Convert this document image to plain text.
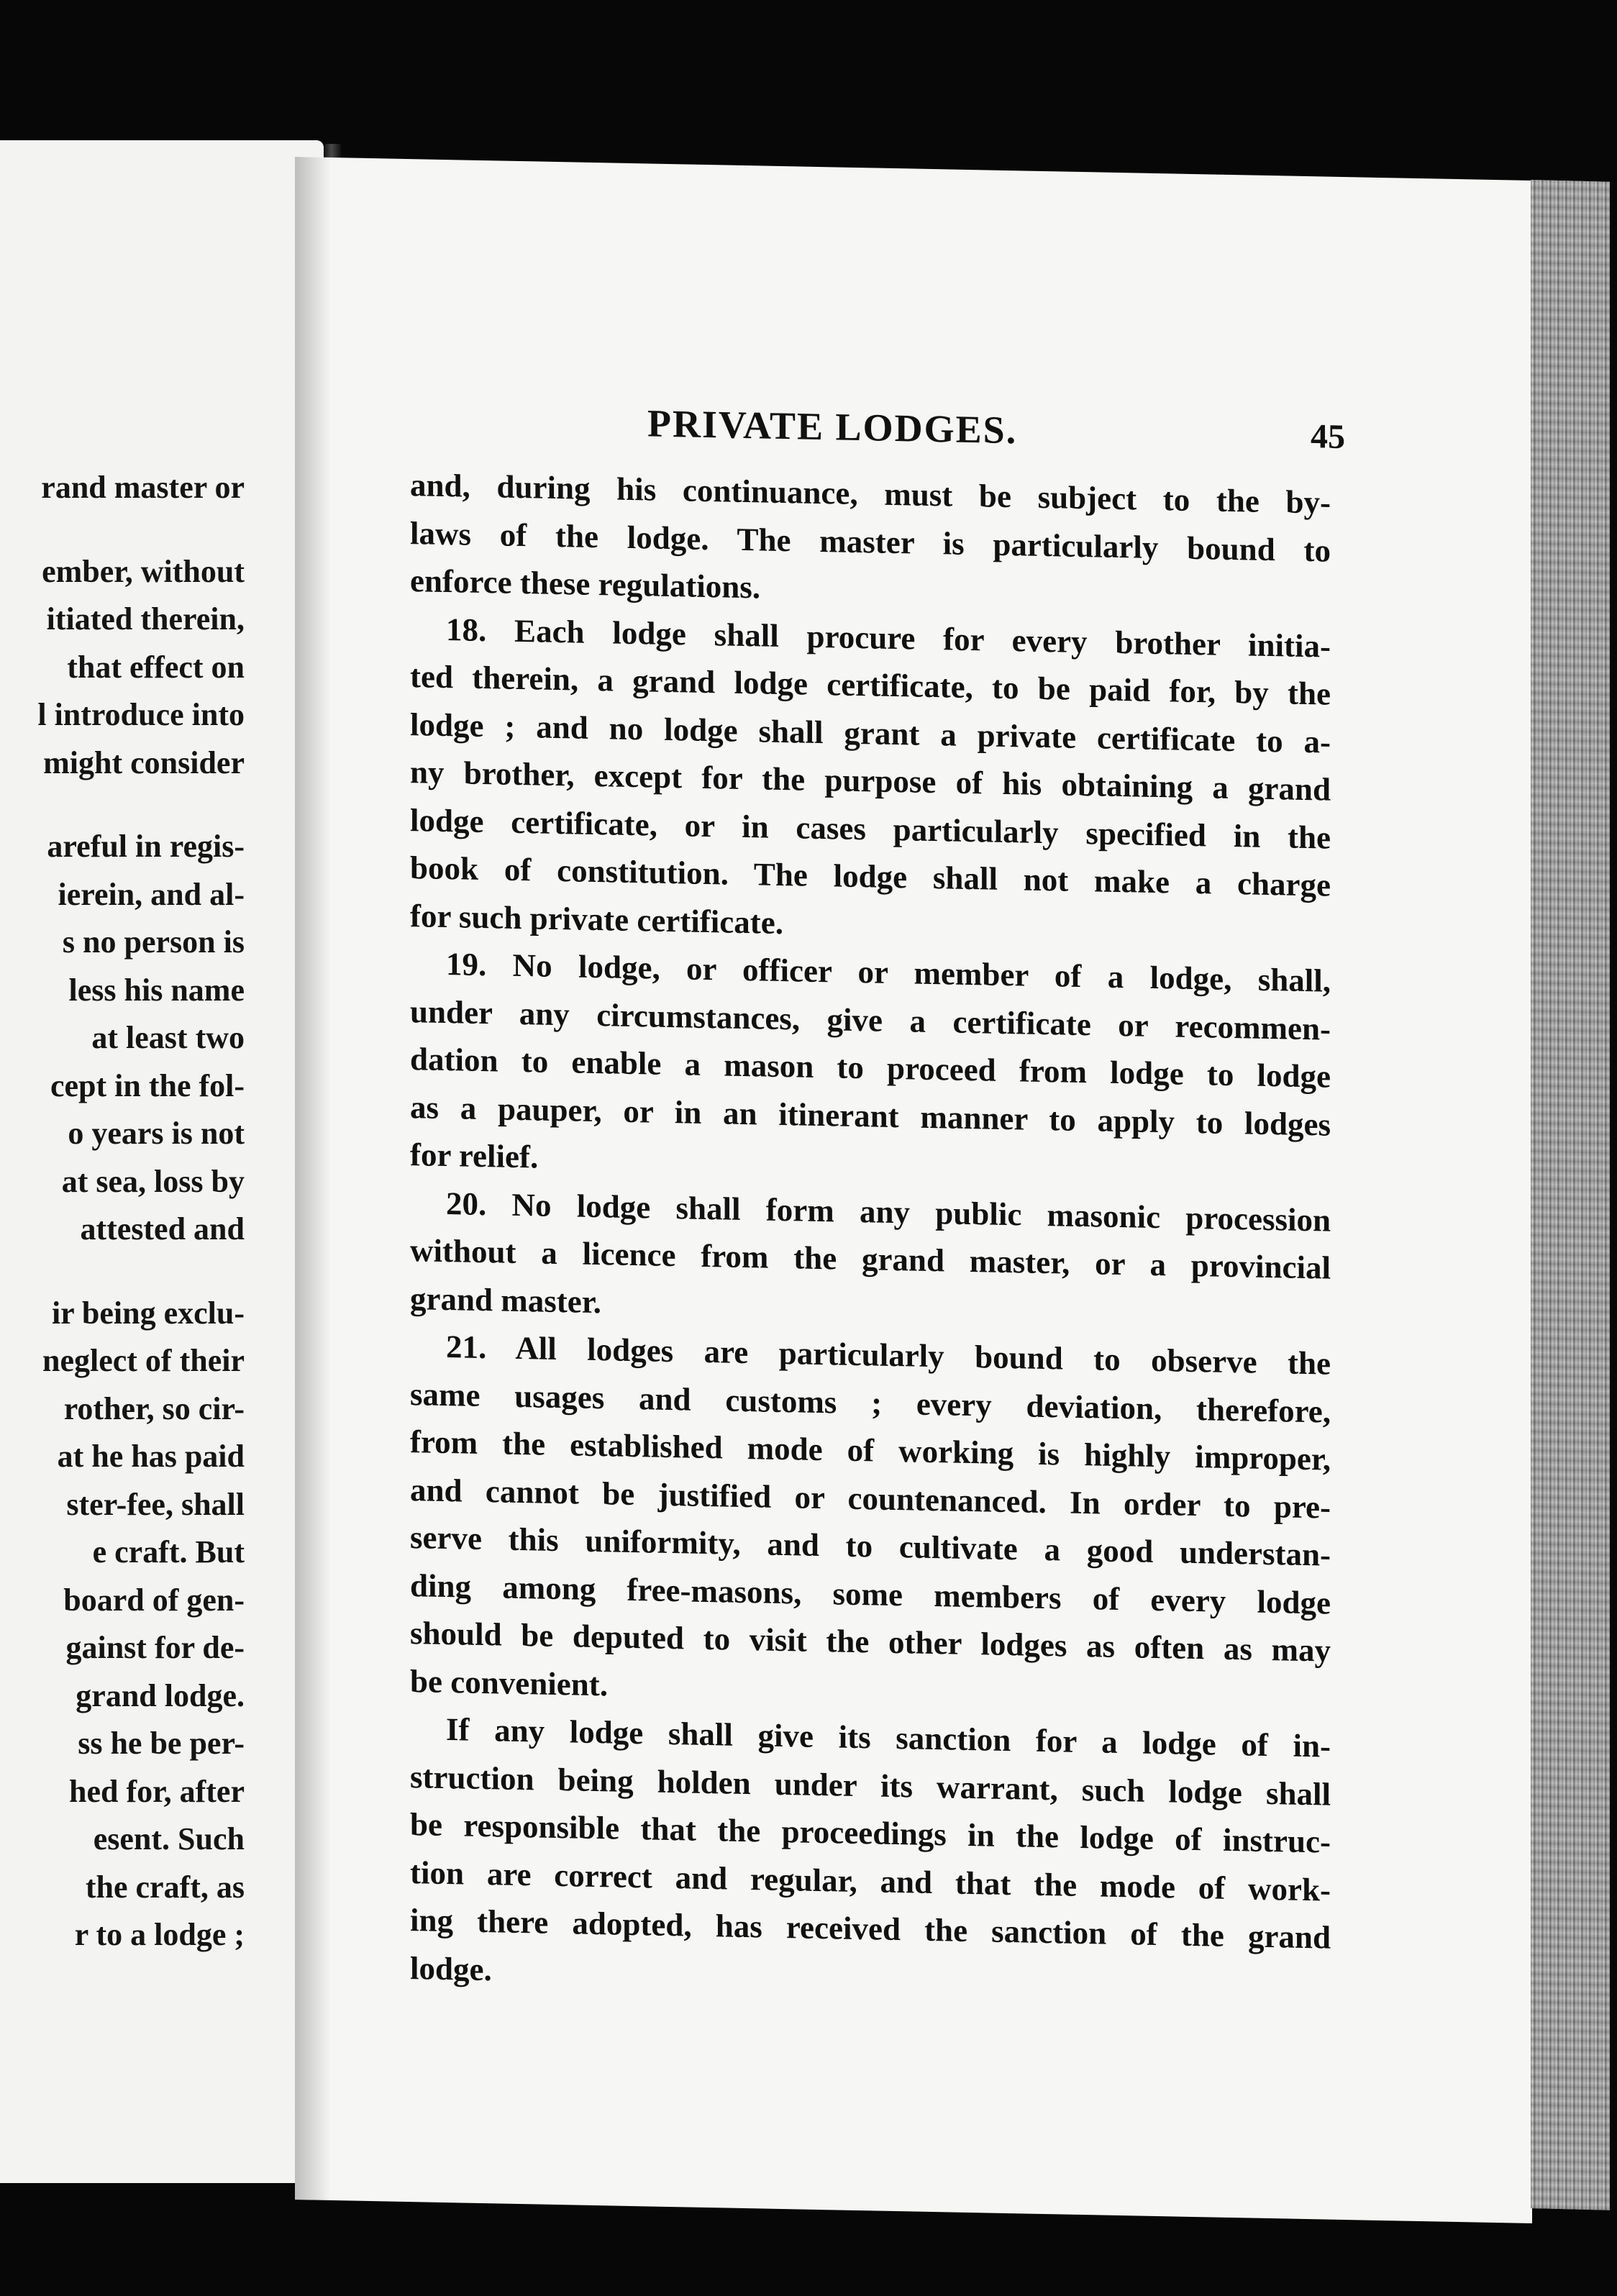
rand master or
ember, without
itiated therein,
that effect on
l introduce into
might consider
areful in regis-
ierein, and al-
s no person is
less his name
at least two
cept in the fol-
o years is not
at sea, loss by
attested and
ir being exclu-
neglect of their
rother, so cir-
at he has paid
ster-fee, shall
e craft. But
board of gen-
gainst for de-
grand lodge.
ss he be per-
hed for, after
esent. Such
the craft, as
r to a lodge ;
PRIVATE LODGES.	45
and, during his continuance, must be subject to the by-
laws of the lodge. The master is particularly bound to
enforce these regulations.
18. Each lodge shall procure for every brother initia-
ted therein, a grand lodge certificate, to be paid for, by the
lodge ; and no lodge shall grant a private certificate to a-
ny brother, except for the purpose of his obtaining a grand
lodge certificate, or in cases particularly specified in the
book of constitution. The lodge shall not make a charge
for such private certificate.
19. No lodge, or officer or member of a lodge, shall,
under any circumstances, give a certificate or recommen-
dation to enable a mason to proceed from lodge to lodge
as a pauper, or in an itinerant manner to apply to lodges
for relief.
20. No lodge shall form any public masonic procession
without a licence from the grand master, or a provincial
grand master.
21. All lodges are particularly bound to observe the
same usages and customs ; every deviation, therefore,
from the established mode of working is highly improper,
and cannot be justified or countenanced. In order to pre-
serve this uniformity, and to cultivate a good understan-
ding among free-masons, some members of every lodge
should be deputed to visit the other lodges as often as may
be convenient.
If any lodge shall give its sanction for a lodge of in-
struction being holden under its warrant, such lodge shall
be responsible that the proceedings in the lodge of instruc-
tion are correct and regular, and that the mode of work-
ing there adopted, has received the sanction of the grand
lodge.
